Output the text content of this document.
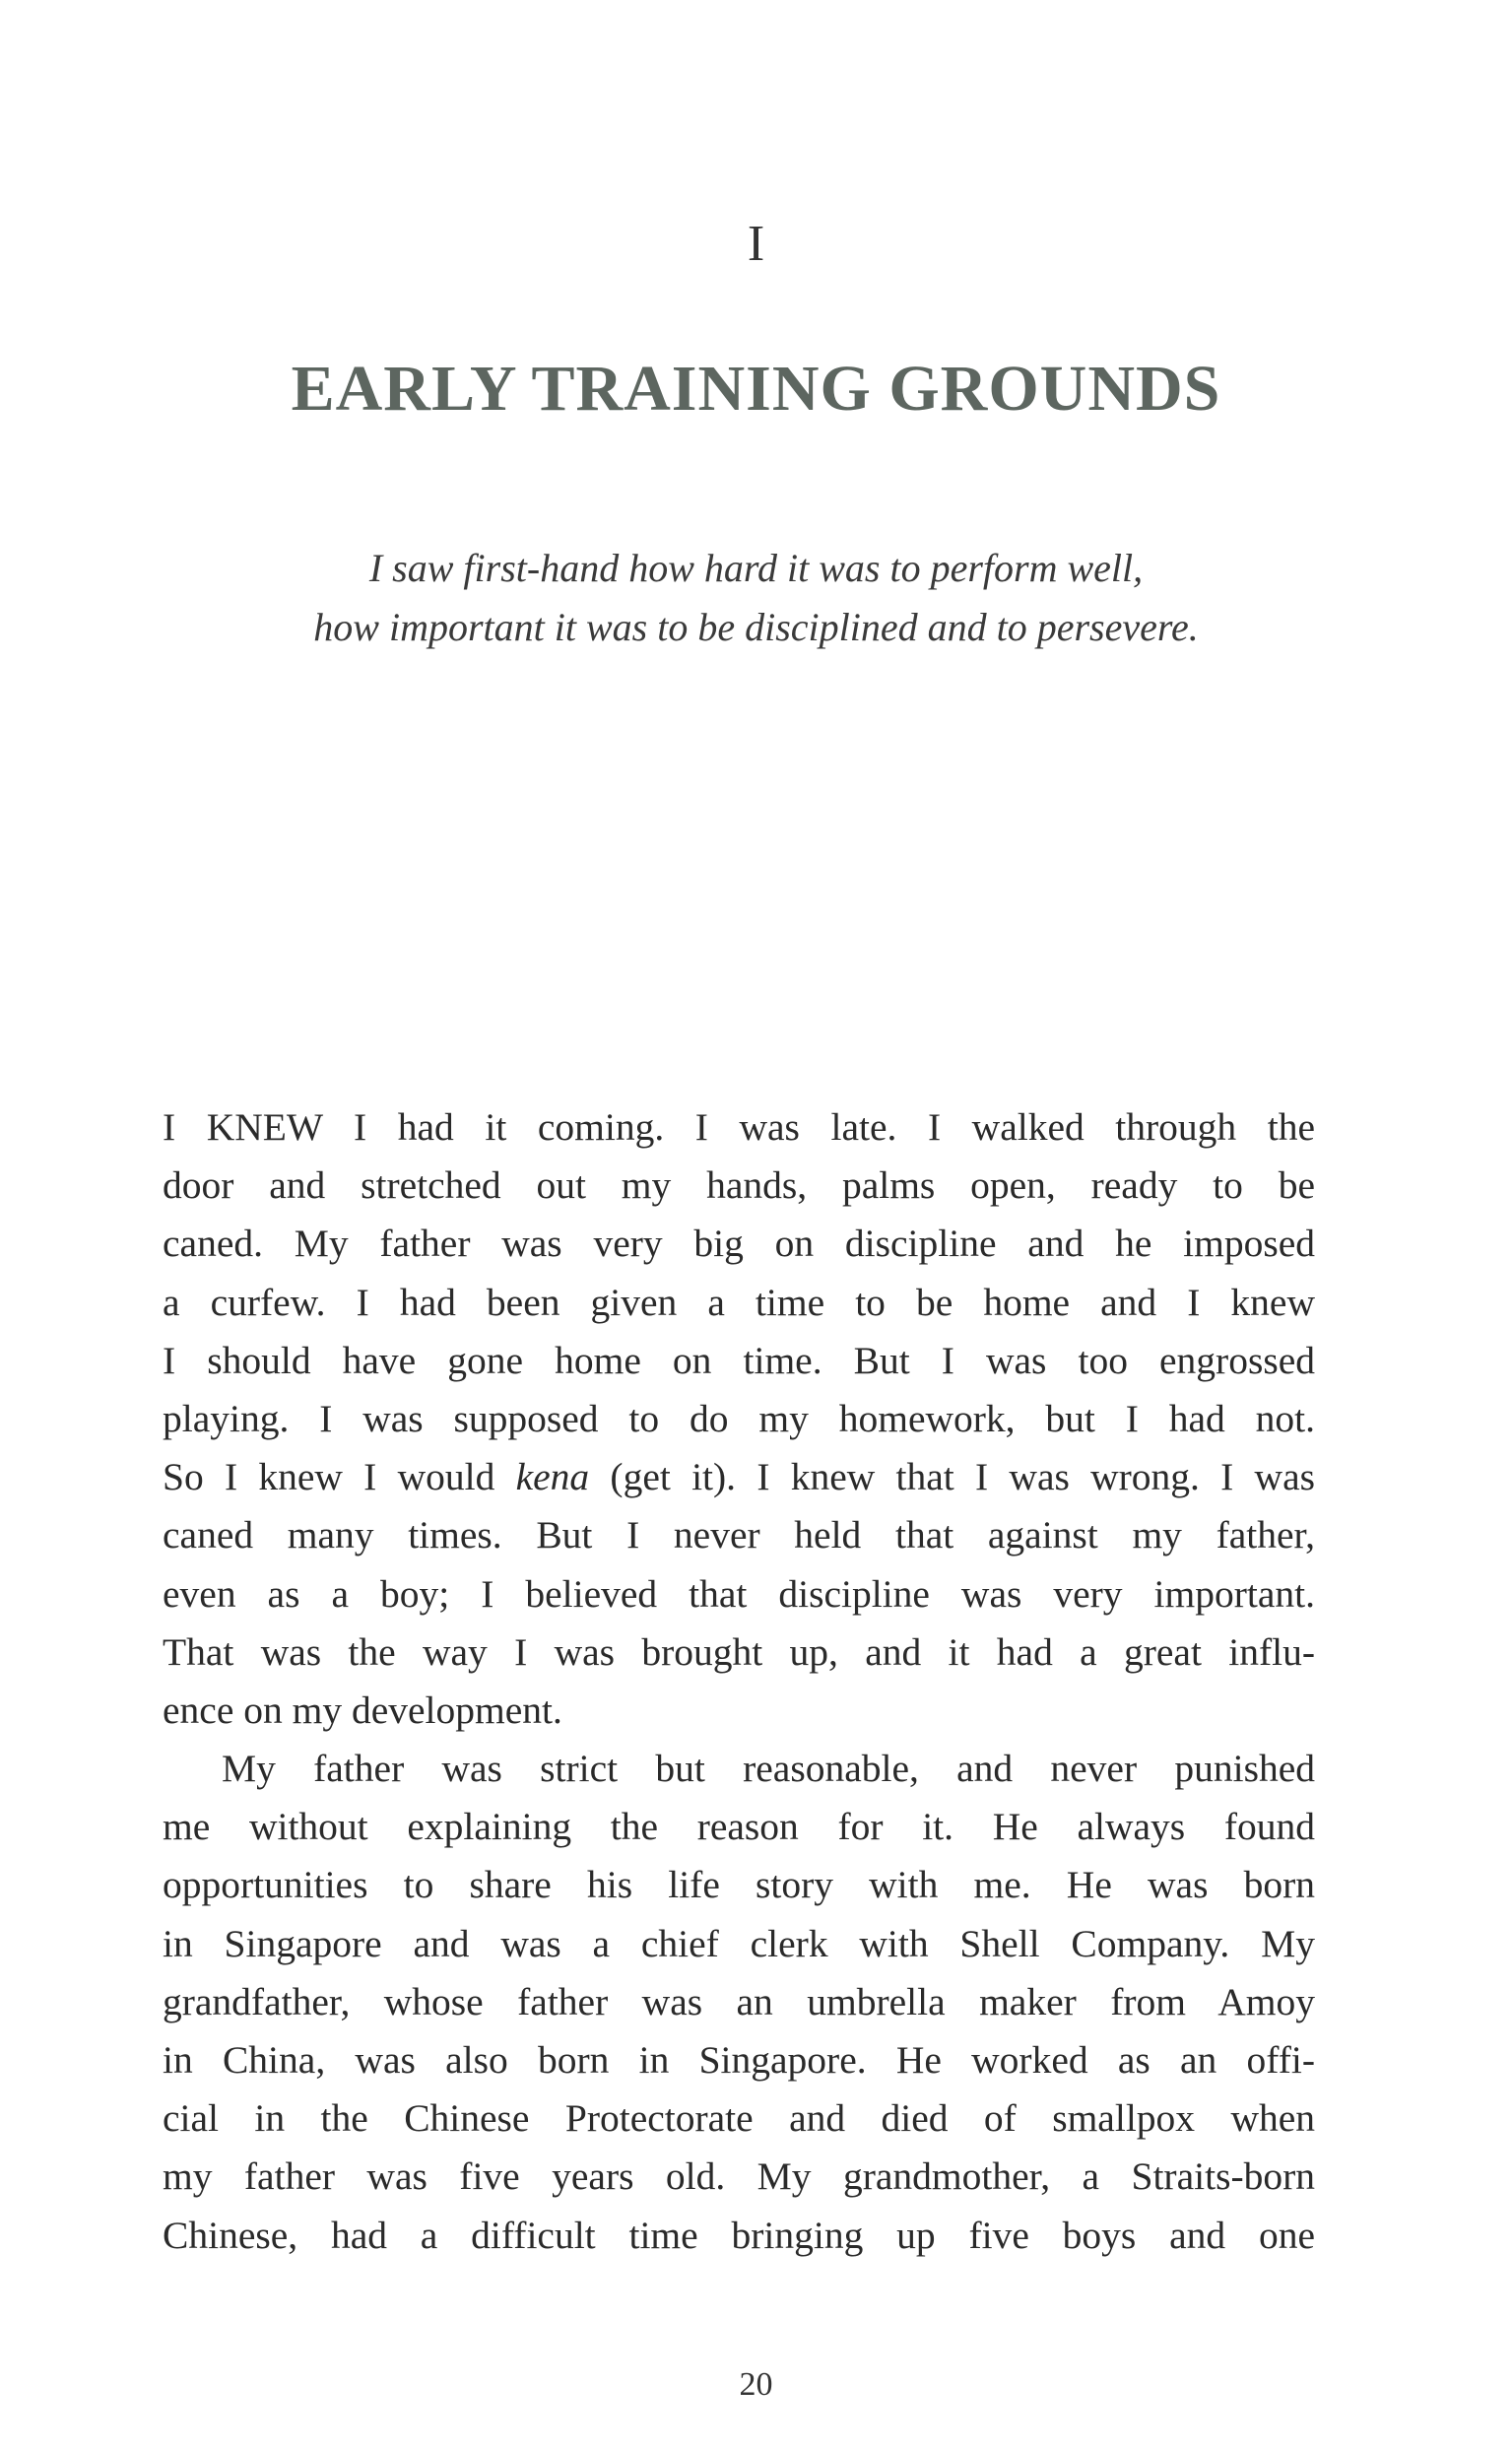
I
EARLY TRAINING GROUNDS
I saw first-hand how hard it was to perform well,
how important it was to be disciplined and to persevere.
I KNEW I had it coming. I was late. I walked through the
door and stretched out my hands, palms open, ready to be
caned. My father was very big on discipline and he imposed
a curfew. I had been given a time to be home and I knew
I should have gone home on time. But I was too engrossed
playing. I was supposed to do my homework, but I had not.
So I knew I would kena (get it). I knew that I was wrong. I was
caned many times. But I never held that against my father,
even as a boy; I believed that discipline was very important.
That was the way I was brought up, and it had a great influ-
ence on my development.
My father was strict but reasonable, and never punished
me without explaining the reason for it. He always found
opportunities to share his life story with me. He was born
in Singapore and was a chief clerk with Shell Company. My
grandfather, whose father was an umbrella maker from Amoy
in China, was also born in Singapore. He worked as an offi-
cial in the Chinese Protectorate and died of smallpox when
my father was five years old. My grandmother, a Straits-born
Chinese, had a difficult time bringing up five boys and one
20
